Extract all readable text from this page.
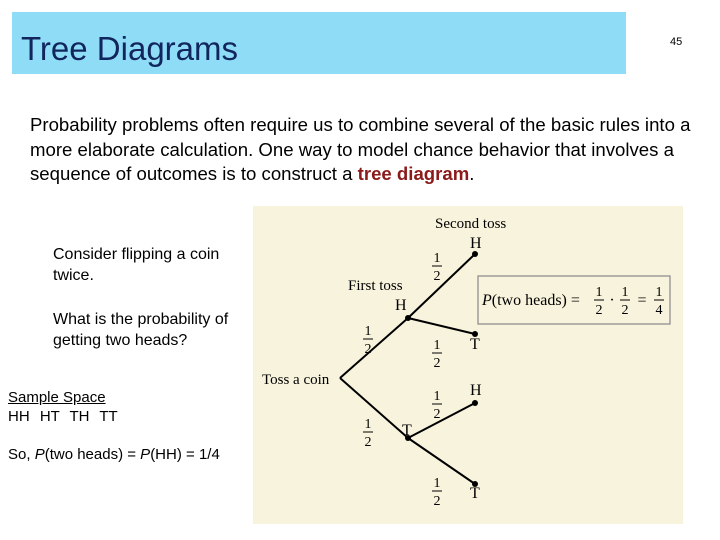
Tree Diagrams	45
Probability problems often require us to combine several of the basic rules into a more elaborate calculation. One way to model chance behavior that involves a sequence of outcomes is to construct a tree diagram.
Consider flipping a coin twice.
What is the probability of getting two heads?
Sample Space
HH HT TH TT
So, P(two heads) = P(HH) = 1/4
Second toss
First toss
Toss a coin
H
T
H
T
H
T
1
2
1
2
1
2
1
2
1
2
1
2
P(two heads) = 1
2
· 1
2
= 1
4
